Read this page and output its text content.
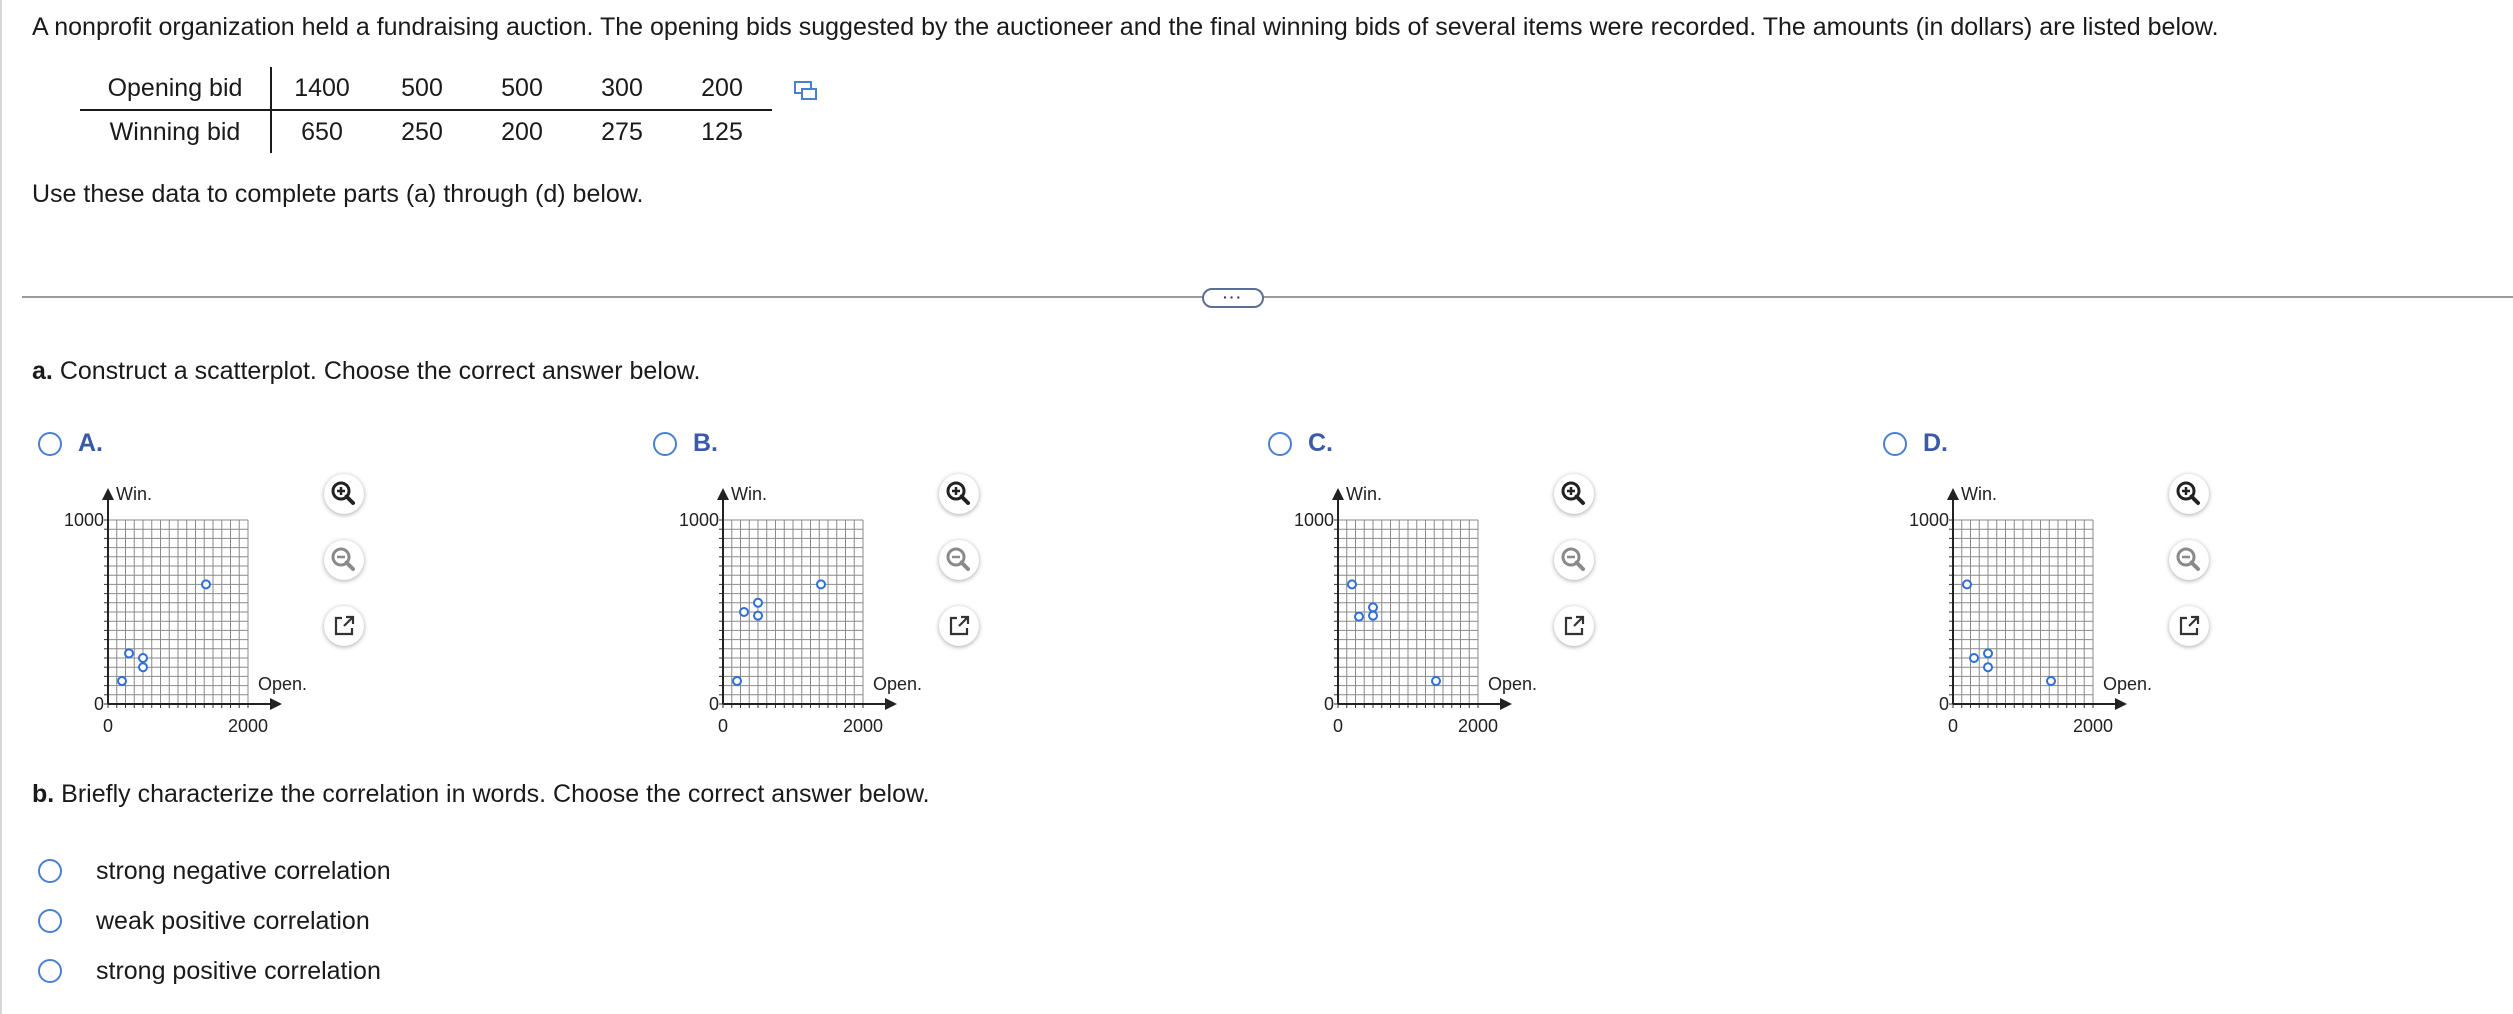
A nonprofit organization held a fundraising auction. The opening bids suggested by the auctioneer and the final winning bids of several items were recorded. The amounts (in dollars) are listed below.
Opening bid	1400	500	500	300	200
Winning bid	650	250	200	275	125
Use these data to complete parts (a) through (d) below.
···
a. Construct a scatterplot. Choose the correct answer below.
A.
Win.
Open.
1000
0
0	2000
B.
Win.
Open.
1000
0
0	2000
C.
Win.
Open.
1000
0
0	2000
D.
Win.
Open.
1000
0
0	2000
b. Briefly characterize the correlation in words. Choose the correct answer below.
strong negative correlation
weak positive correlation
strong positive correlation
